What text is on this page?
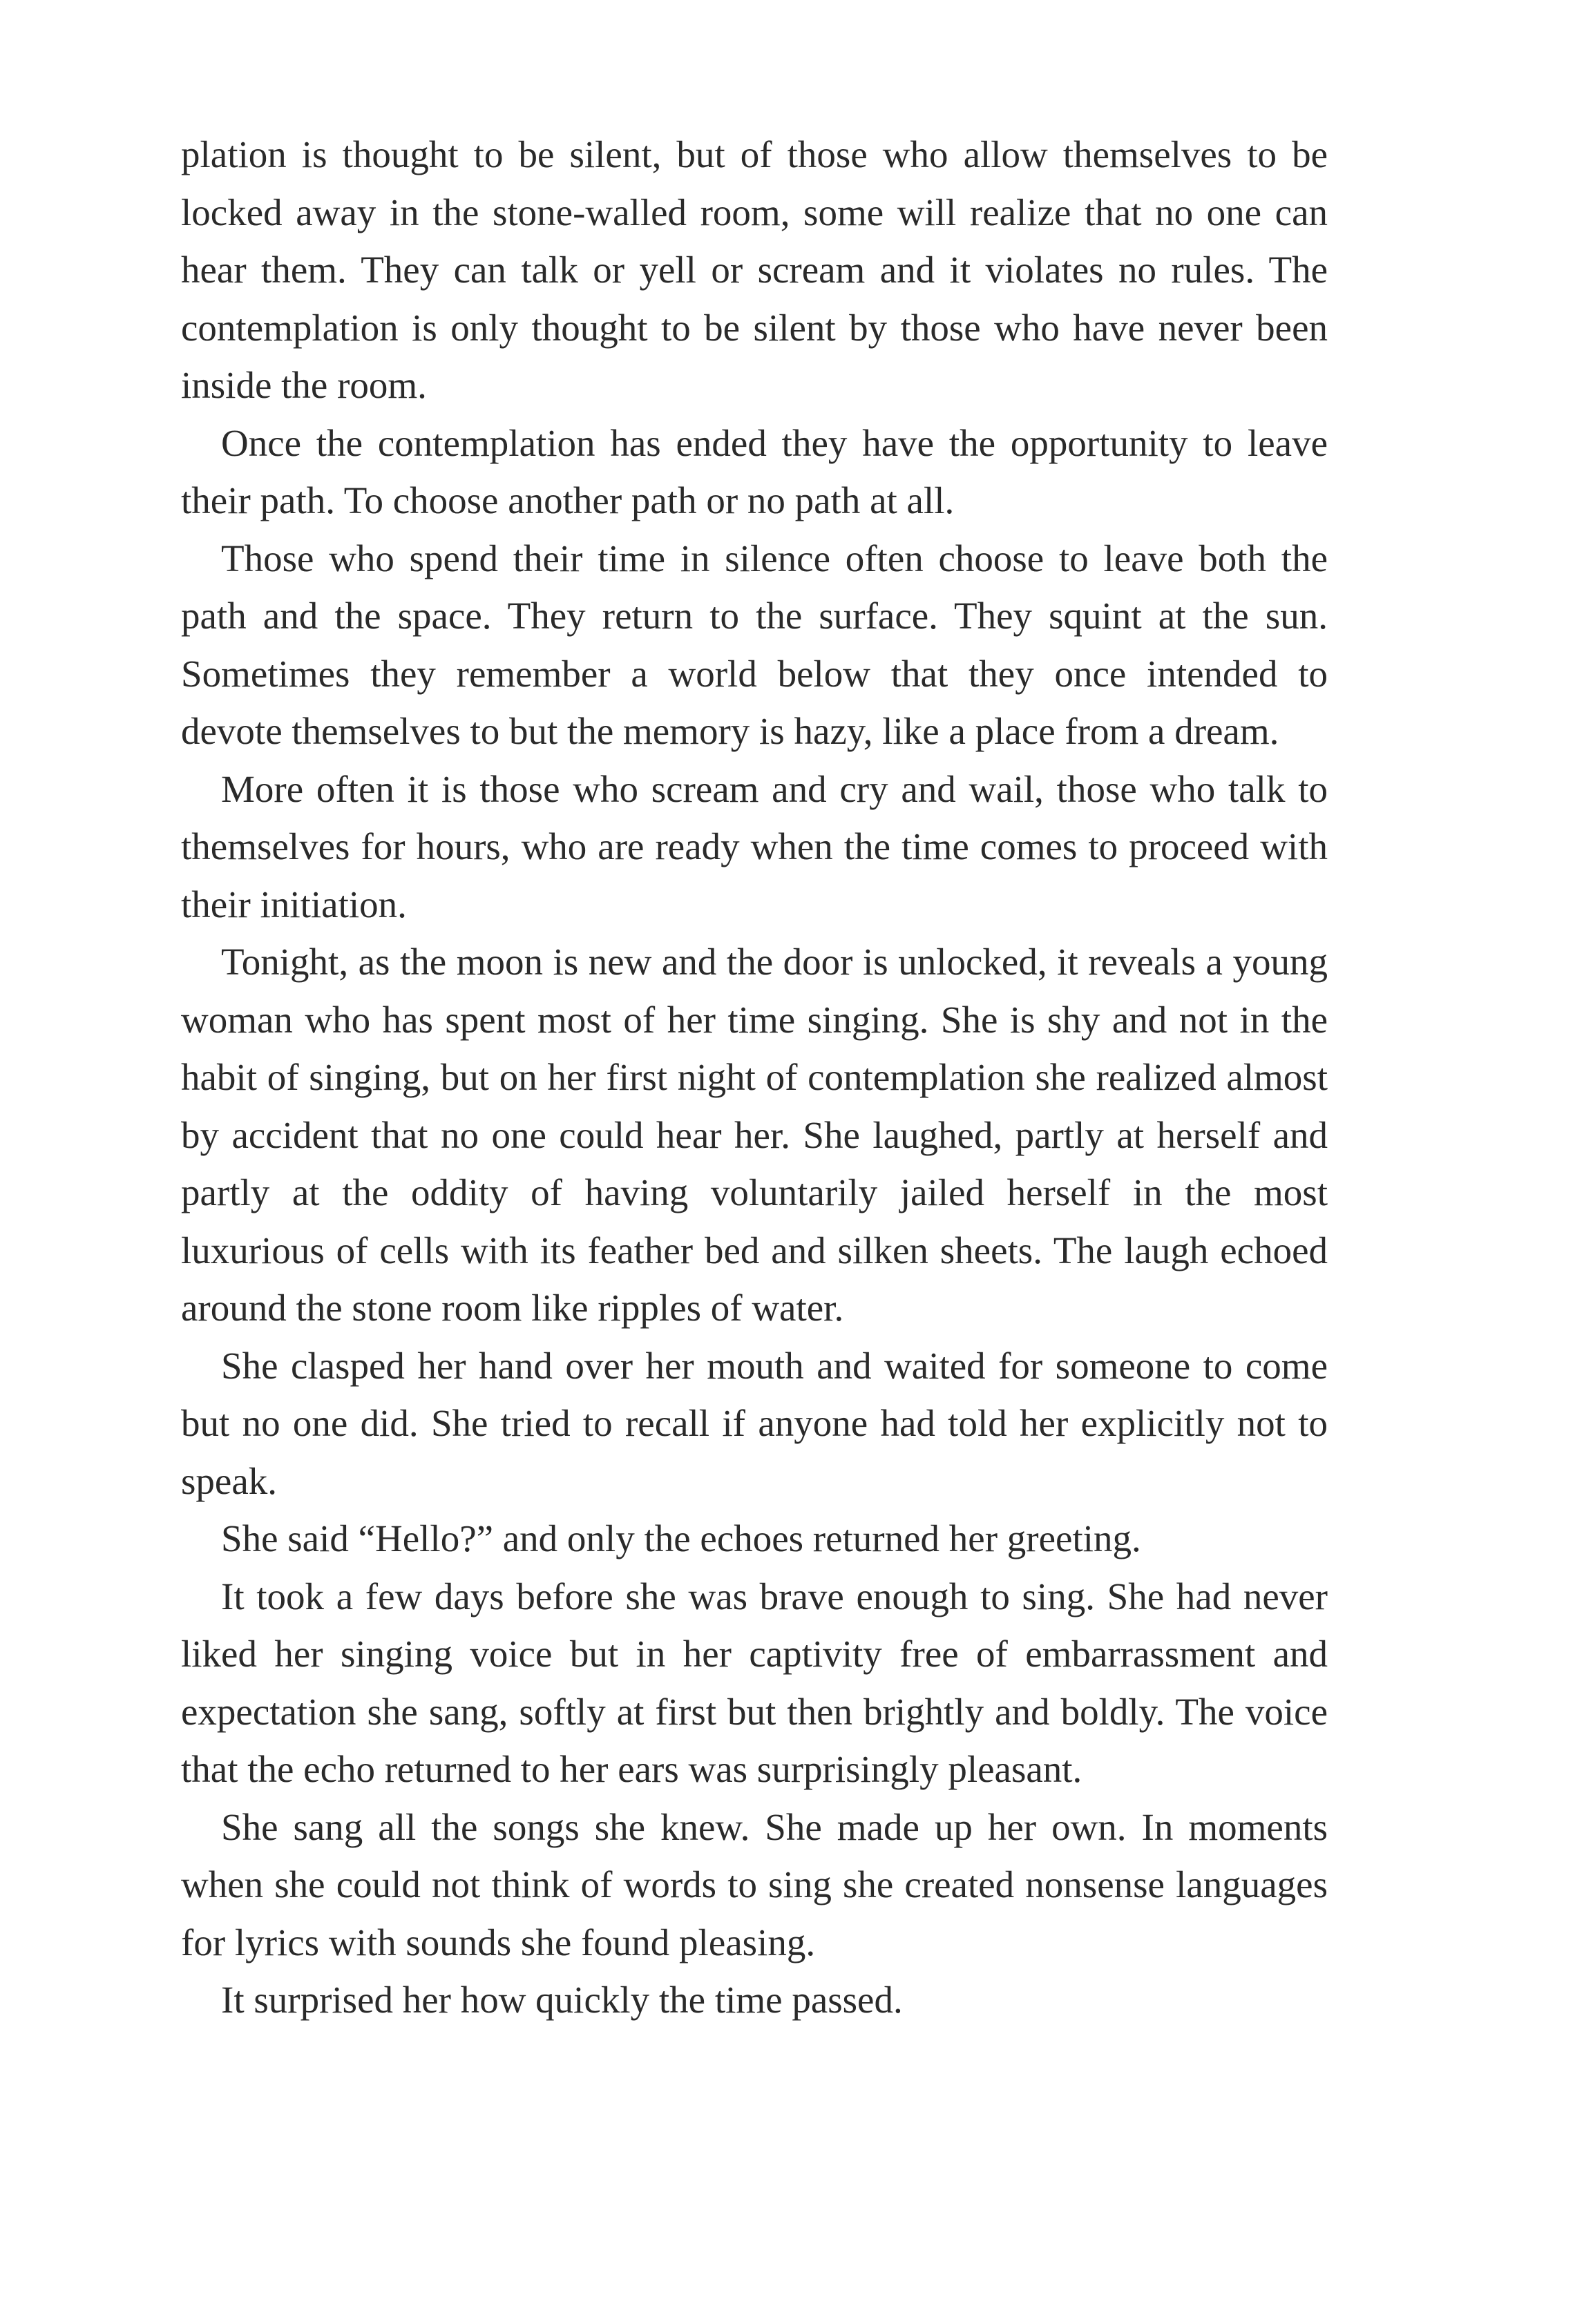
plation is thought to be silent, but of those who allow themselves to be locked away in the stone-walled room, some will realize that no one can hear them. They can talk or yell or scream and it violates no rules. The contemplation is only thought to be silent by those who have never been inside the room.

Once the contemplation has ended they have the opportunity to leave their path. To choose another path or no path at all.

Those who spend their time in silence often choose to leave both the path and the space. They return to the surface. They squint at the sun. Sometimes they remember a world below that they once intended to devote themselves to but the memory is hazy, like a place from a dream.

More often it is those who scream and cry and wail, those who talk to themselves for hours, who are ready when the time comes to proceed with their initiation.

Tonight, as the moon is new and the door is unlocked, it reveals a young woman who has spent most of her time singing. She is shy and not in the habit of singing, but on her first night of contemplation she realized almost by accident that no one could hear her. She laughed, partly at herself and partly at the oddity of having voluntarily jailed herself in the most luxurious of cells with its feather bed and silken sheets. The laugh echoed around the stone room like ripples of water.

She clasped her hand over her mouth and waited for someone to come but no one did. She tried to recall if anyone had told her explicitly not to speak.

She said “Hello?” and only the echoes returned her greeting.

It took a few days before she was brave enough to sing. She had never liked her singing voice but in her captivity free of embarrassment and expectation she sang, softly at first but then brightly and boldly. The voice that the echo returned to her ears was surprisingly pleasant.

She sang all the songs she knew. She made up her own. In moments when she could not think of words to sing she created nonsense languages for lyrics with sounds she found pleasing.

It surprised her how quickly the time passed.
